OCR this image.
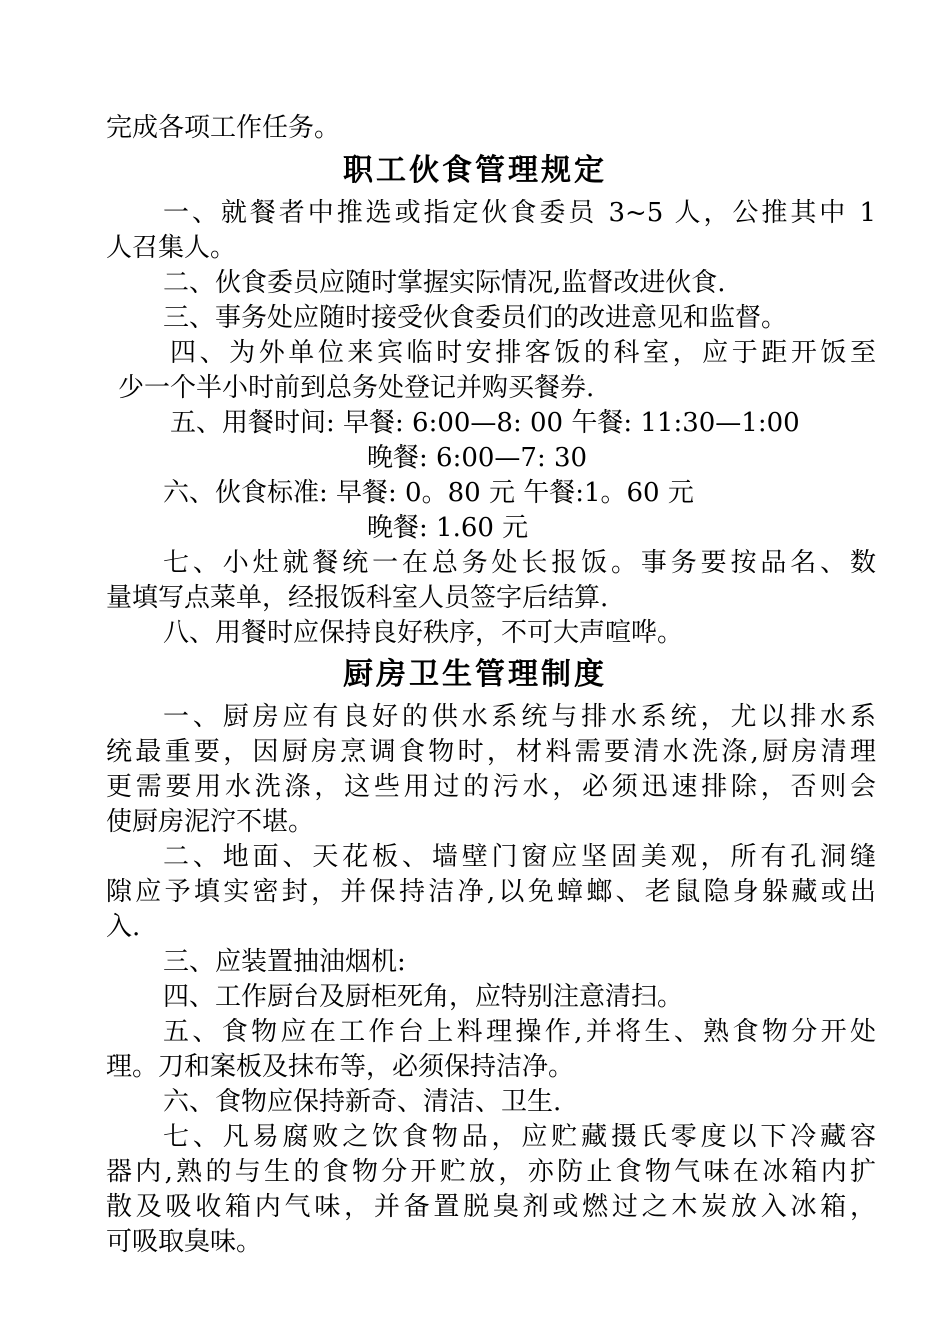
完成各项工作任务。
职工伙食管理规定
一、就餐者中推选或指定伙食委员 3~5 人，公推其中 1
人召集人。
二、伙食委员应随时掌握实际情况,监督改进伙食.
三、事务处应随时接受伙食委员们的改进意见和监督。
四、为外单位来宾临时安排客饭的科室，应于距开饭至
少一个半小时前到总务处登记并购买餐券.
五、用餐时间: 早餐: 6:00—8: 00 午餐: 11:30—1:00
晚餐: 6:00—7: 30
六、伙食标准: 早餐: 0。80 元 午餐:1。60 元
晚餐: 1.60 元
七、小灶就餐统一在总务处长报饭。事务要按品名、数
量填写点菜单，经报饭科室人员签字后结算.
八、用餐时应保持良好秩序，不可大声喧哗。
厨房卫生管理制度
一、厨房应有良好的供水系统与排水系统，尤以排水系
统最重要，因厨房烹调食物时，材料需要清水洗涤,厨房清理
更需要用水洗涤，这些用过的污水，必须迅速排除，否则会
使厨房泥泞不堪。
二、地面、天花板、墙壁门窗应坚固美观，所有孔洞缝
隙应予填实密封，并保持洁净,以免蟑螂、老鼠隐身躲藏或出
入.
三、应装置抽油烟机:
四、工作厨台及厨柜死角，应特别注意清扫。
五、食物应在工作台上料理操作,并将生、熟食物分开处
理。刀和案板及抹布等，必须保持洁净。
六、食物应保持新奇、清洁、卫生.
七、凡易腐败之饮食物品，应贮藏摄氏零度以下冷藏容
器内,熟的与生的食物分开贮放，亦防止食物气味在冰箱内扩
散及吸收箱内气味，并备置脱臭剂或燃过之木炭放入冰箱，
可吸取臭味。
